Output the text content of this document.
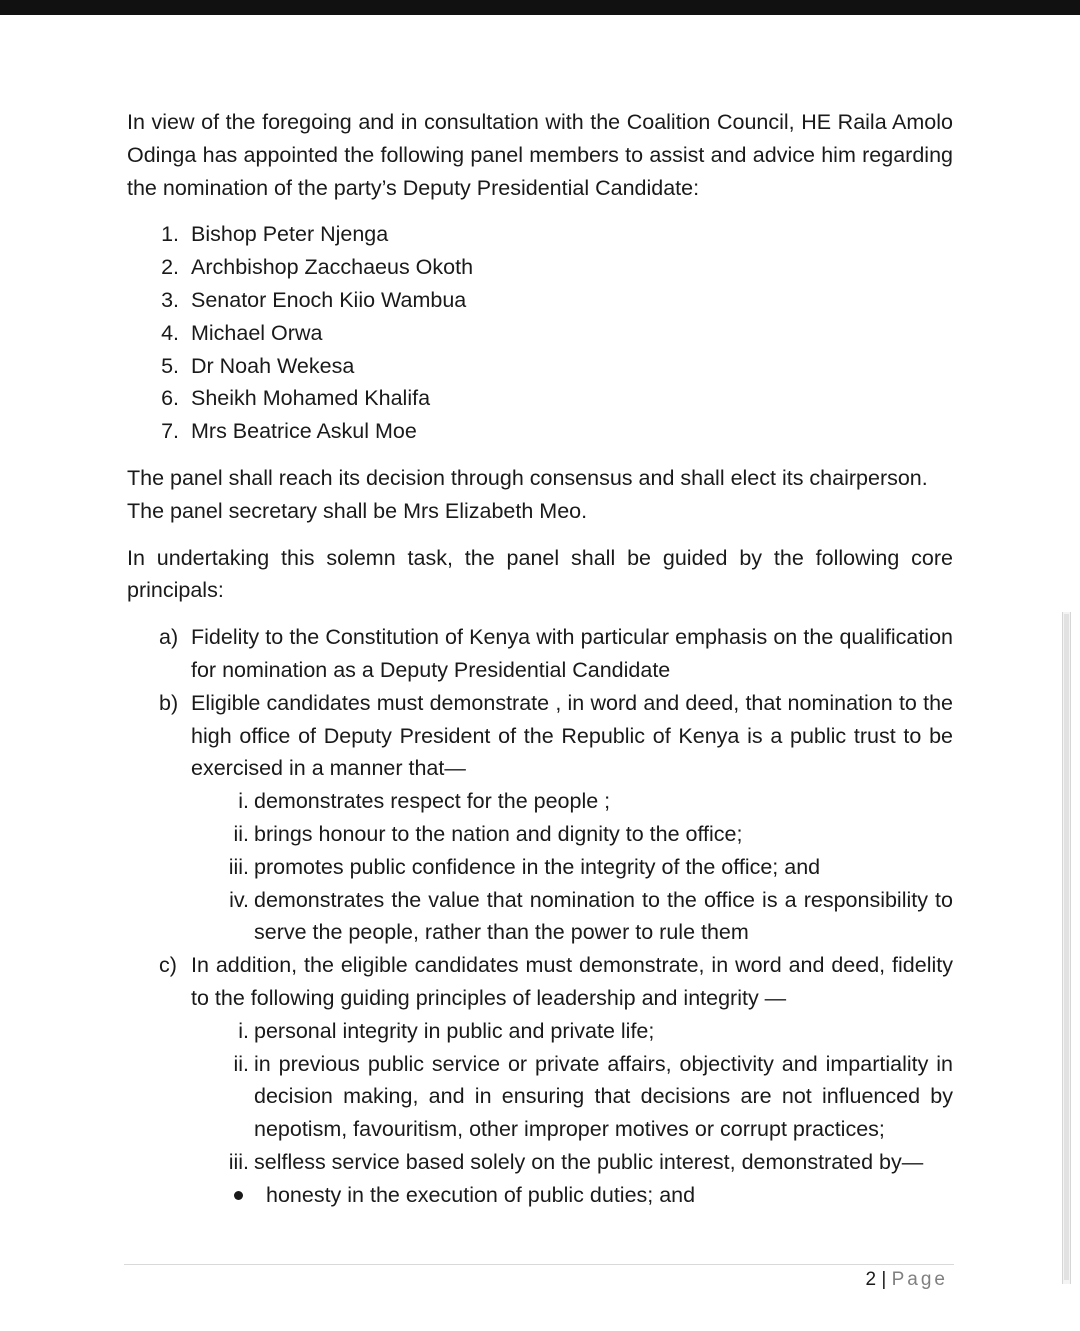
In view of the foregoing and in consultation with the Coalition Council, HE Raila Amolo Odinga has appointed the following panel members to assist and advice him regarding the nomination of the party’s Deputy Presidential Candidate:

1. Bishop Peter Njenga
2. Archbishop Zacchaeus Okoth
3. Senator Enoch Kiio Wambua
4. Michael Orwa
5. Dr Noah Wekesa
6. Sheikh Mohamed Khalifa
7. Mrs Beatrice Askul Moe

The panel shall reach its decision through consensus and shall elect its chairperson. The panel secretary shall be Mrs Elizabeth Meo.

In undertaking this solemn task, the panel shall be guided by the following core principals:

a) Fidelity to the Constitution of Kenya with particular emphasis on the qualification for nomination as a Deputy Presidential Candidate

b) Eligible candidates must demonstrate , in word and deed, that nomination to the high office of Deputy President of the Republic of Kenya is a public trust to be exercised in a manner that—

i. demonstrates respect for the people ;

ii. brings honour to the nation and dignity to the office;

iii. promotes public confidence in the integrity of the office; and

iv. demonstrates the value that nomination to the office is a responsibility to serve the people, rather than the power to rule them

c) In addition, the eligible candidates must demonstrate, in word and deed, fidelity to the following guiding principles of leadership and integrity —

i. personal integrity in public and private life;

ii. in previous public service or private affairs, objectivity and impartiality in decision making, and in ensuring that decisions are not influenced by nepotism, favouritism, other improper motives or corrupt practices;

iii. selfless service based solely on the public interest, demonstrated by—

honesty in the execution of public duties; and
2 | Page
